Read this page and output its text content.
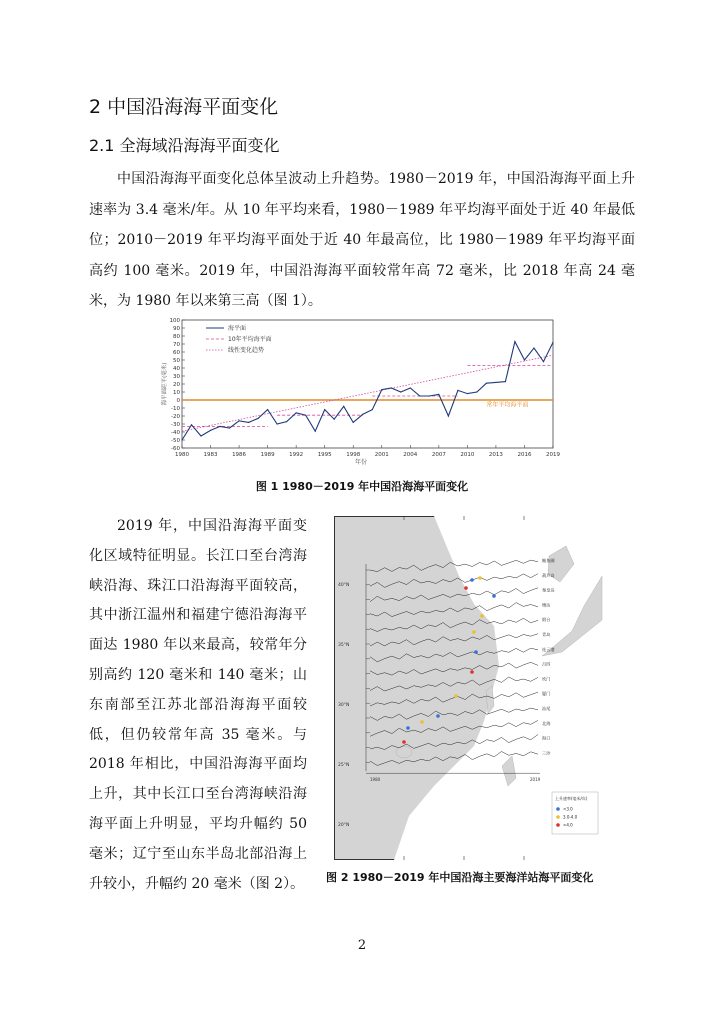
2 中国沿海海平面变化
2.1 全海域沿海海平面变化

中国沿海海平面变化总体呈波动上升趋势。1980－2019 年，中国沿海海平面上升速率为 3.4 毫米/年。从 10 年平均来看，1980－1989 年平均海平面处于近 40 年最低位；2010－2019 年平均海平面处于近 40 年最高位，比 1980－1989 年平均海平面高约 100 毫米。2019 年，中国沿海海平面较常年高 72 毫米，比 2018 年高 24 毫米，为 1980 年以来第三高（图 1）。

-60
-50
-40
-30
-20
-10
0
10
20
30
40
50
60
70
80
90
100
1980	1983	1986	1989	1992	1995	1998	2001	2004	2007	2010	2013	2016	2019
年份
海平面距平(毫米)	常年平均海平面
海平面
10年平均海平面
线性变化趋势

图 1 1980－2019 年中国沿海海平面变化

2019 年，中国沿海海平面变化区域特征明显。长江口至台湾海峡沿海、珠江口沿海海平面较高，其中浙江温州和福建宁德沿海海平面达 1980 年以来最高，较常年分别高约 120 毫米和 140 毫米；山东南部至江苏北部沿海海平面较低，但仍较常年高 35 毫米。与 2018 年相比，中国沿海海平面均上升，其中长江口至台湾海峡沿海海平面上升明显，平均升幅约 50 毫米；辽宁至山东半岛北部沿海上升较小，升幅约 20 毫米（图 2）。

40°N
35°N
30°N
25°N
20°N
鲅鱼圈
葫芦岛
秦皇岛
塘沽
烟台
青岛
连云港
吕四
坎门
厦门
汕尾
北海
海口
三沙
1980	2019
上升速率(毫米/年)
<3.0
3.0-4.0
>4.0

图 2 1980－2019 年中国沿海主要海洋站海平面变化

2
